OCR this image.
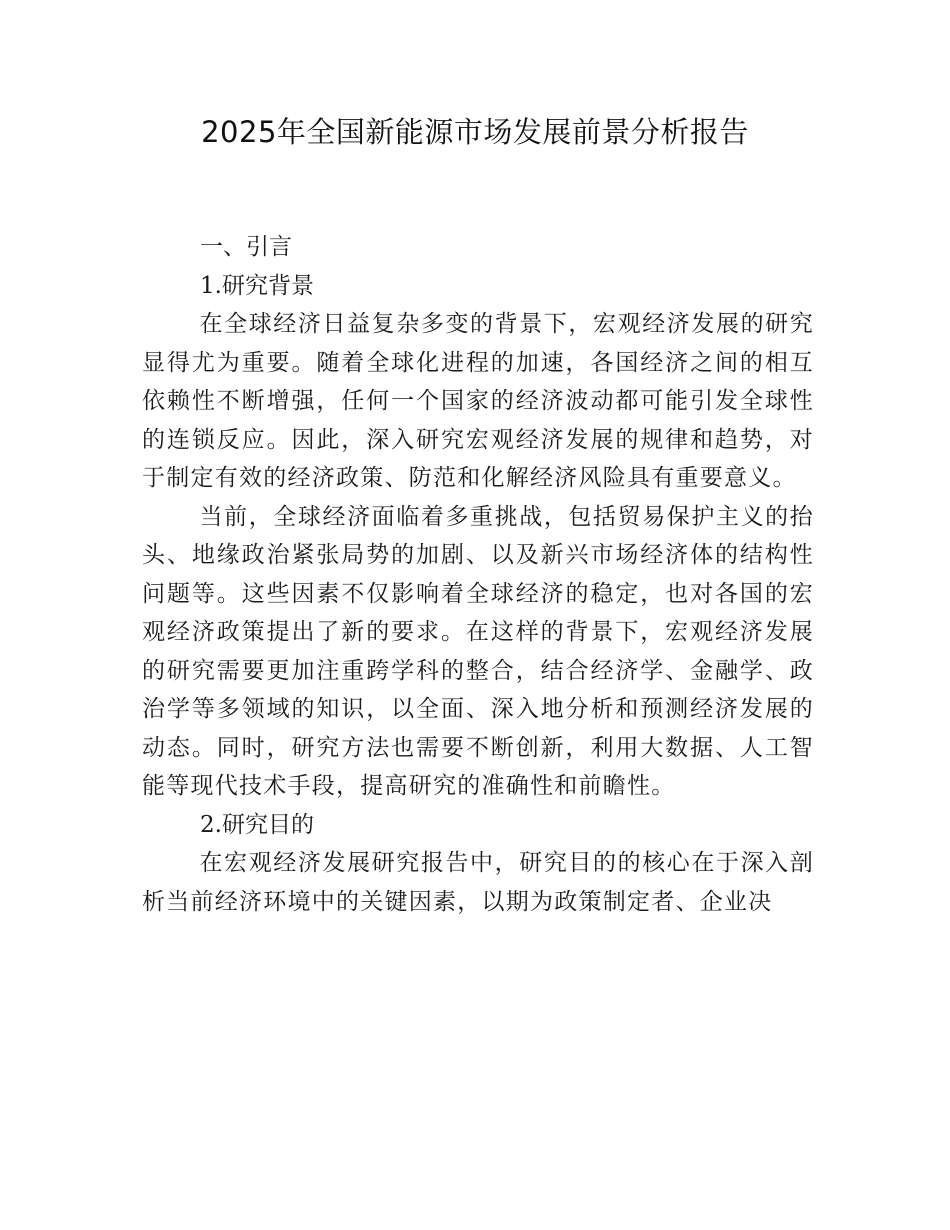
2025年全国新能源市场发展前景分析报告

一、引言

1.研究背景

在全球经济日益复杂多变的背景下，宏观经济发展的研究显得尤为重要。随着全球化进程的加速，各国经济之间的相互依赖性不断增强，任何一个国家的经济波动都可能引发全球性的连锁反应。因此，深入研究宏观经济发展的规律和趋势，对于制定有效的经济政策、防范和化解经济风险具有重要意义。

当前，全球经济面临着多重挑战，包括贸易保护主义的抬头、地缘政治紧张局势的加剧、以及新兴市场经济体的结构性问题等。这些因素不仅影响着全球经济的稳定，也对各国的宏观经济政策提出了新的要求。在这样的背景下，宏观经济发展的研究需要更加注重跨学科的整合，结合经济学、金融学、政治学等多领域的知识，以全面、深入地分析和预测经济发展的动态。同时，研究方法也需要不断创新，利用大数据、人工智能等现代技术手段，提高研究的准确性和前瞻性。

2.研究目的

在宏观经济发展研究报告中，研究目的的核心在于深入剖析当前经济环境中的关键因素，以期为政策制定者、企业决
